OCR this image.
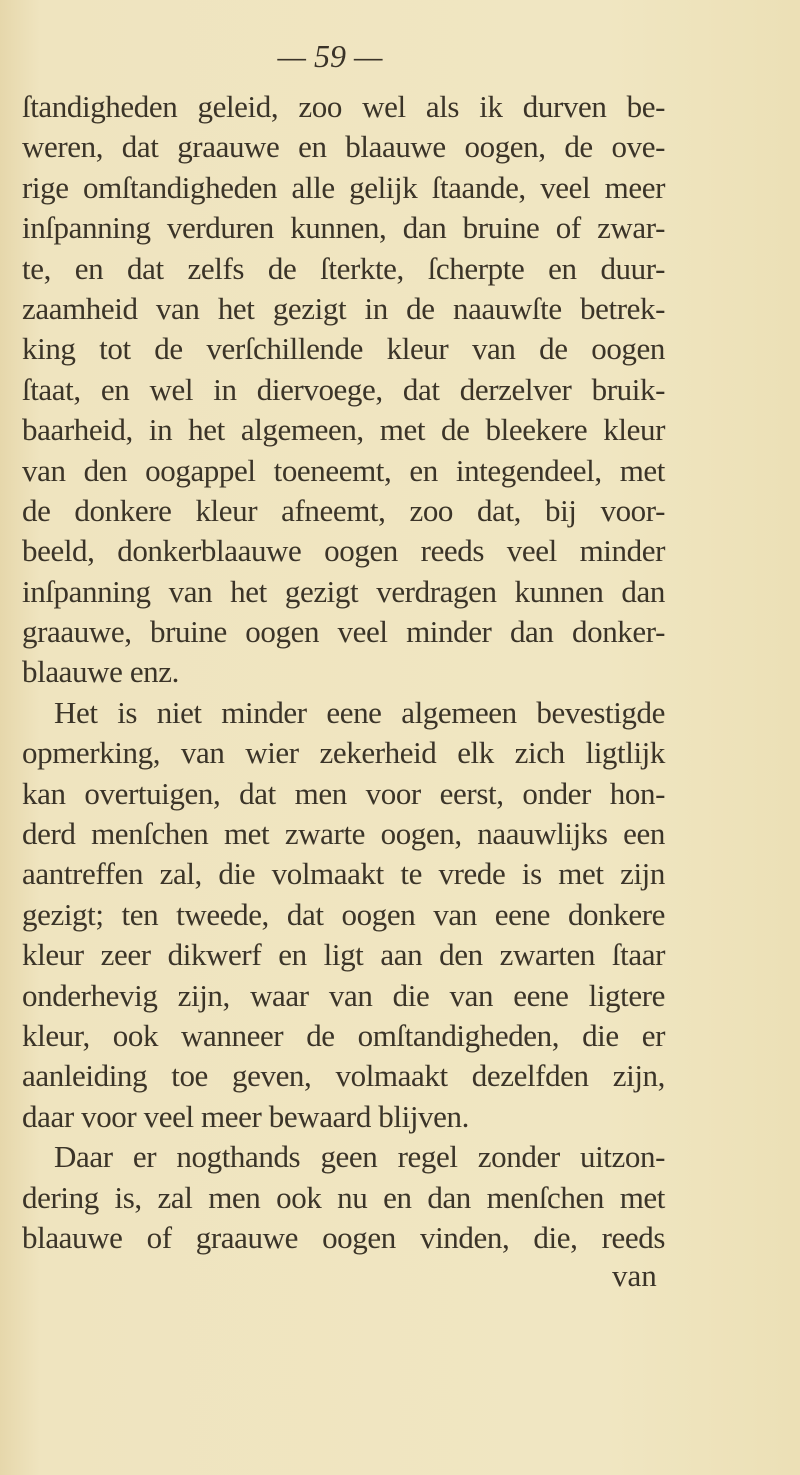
— 59 —
ſtandigheden geleid, zoo wel als ik durven be-
weren, dat graauwe en blaauwe oogen, de ove-
rige omſtandigheden alle gelijk ſtaande, veel meer
inſpanning verduren kunnen, dan bruine of zwar-
te, en dat zelfs de ſterkte, ſcherpte en duur-
zaamheid van het gezigt in de naauwſte betrek-
king tot de verſchillende kleur van de oogen
ſtaat, en wel in diervoege, dat derzelver bruik-
baarheid, in het algemeen, met de bleekere kleur
van den oogappel toeneemt, en integendeel, met
de donkere kleur afneemt, zoo dat, bij voor-
beeld, donkerblaauwe oogen reeds veel minder
inſpanning van het gezigt verdragen kunnen dan
graauwe, bruine oogen veel minder dan donker-
blaauwe enz.
Het is niet minder eene algemeen bevestigde
opmerking, van wier zekerheid elk zich ligtlijk
kan overtuigen, dat men voor eerst, onder hon-
derd menſchen met zwarte oogen, naauwlijks een
aantreffen zal, die volmaakt te vrede is met zijn
gezigt; ten tweede, dat oogen van eene donkere
kleur zeer dikwerf en ligt aan den zwarten ſtaar
onderhevig zijn, waar van die van eene ligtere
kleur, ook wanneer de omſtandigheden, die er
aanleiding toe geven, volmaakt dezelfden zijn,
daar voor veel meer bewaard blijven.
Daar er nogthands geen regel zonder uitzon-
dering is, zal men ook nu en dan menſchen met
blaauwe of graauwe oogen vinden, die, reeds
van
